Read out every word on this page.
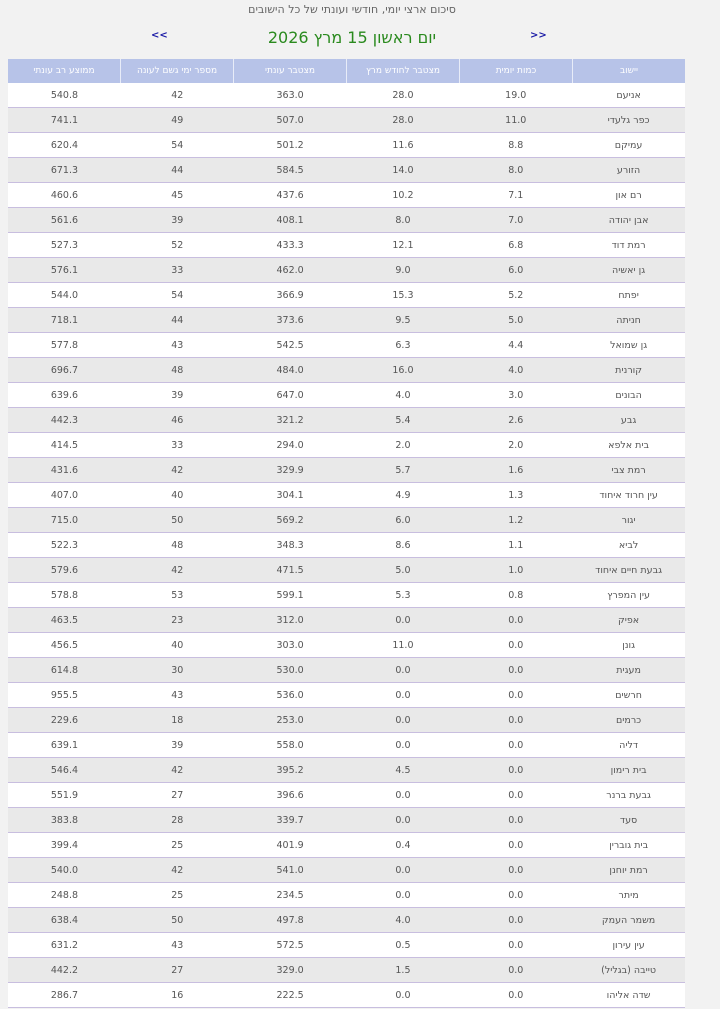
סיכום ארצי יומי, חודשי ועונתי של כל הישובים
>>
יום ראשון 15 מרץ 2026
<<
יישוב
כמות יומית
מצטבר לחודש מרץ
מצטבר עונתי
מספר ימי גשם לעונה
ממוצע רב עונתי
אניעם
19.0
28.0
363.0
42
540.8
כפר גלעדי
11.0
28.0
507.0
49
741.1
עמיקם
8.8
11.6
501.2
54
620.4
הזורע
8.0
14.0
584.5
44
671.3
רם און
7.1
10.2
437.6
45
460.6
אבן יהודה
7.0
8.0
408.1
39
561.6
רמת דוד
6.8
12.1
433.3
52
527.3
גן יאשיה
6.0
9.0
462.0
33
576.1
יפתח
5.2
15.3
366.9
54
544.0
חניתה
5.0
9.5
373.6
44
718.1
גן שמואל
4.4
6.3
542.5
43
577.8
קורנית
4.0
16.0
484.0
48
696.7
הבונים
3.0
4.0
647.0
39
639.6
גבע
2.6
5.4
321.2
46
442.3
בית אלפא
2.0
2.0
294.0
33
414.5
רמת צבי
1.6
5.7
329.9
42
431.6
עין חרוד איחוד
1.3
4.9
304.1
40
407.0
יגור
1.2
6.0
569.2
50
715.0
לביא
1.1
8.6
348.3
48
522.3
גבעת חיים איחוד
1.0
5.0
471.5
42
579.6
עין המפרץ
0.8
5.3
599.1
53
578.8
אפיק
0.0
0.0
312.0
23
463.5
גונן
0.0
11.0
303.0
40
456.5
מעגית
0.0
0.0
530.0
30
614.8
חרשים
0.0
0.0
536.0
43
955.5
כרמים
0.0
0.0
253.0
18
229.6
דליה
0.0
0.0
558.0
39
639.1
בית רימון
0.0
4.5
395.2
42
546.4
גבעת ברנר
0.0
0.0
396.6
27
551.9
סעד
0.0
0.0
339.7
28
383.8
בית גוברין
0.0
0.4
401.9
25
399.4
רמת יוחנן
0.0
0.0
541.0
42
540.0
מיתר
0.0
0.0
234.5
25
248.8
משמר העמק
0.0
4.0
497.8
50
638.4
עין עירון
0.0
0.5
572.5
43
631.2
טייבה (בגליל)
0.0
1.5
329.0
27
442.2
שדה אליהו
0.0
0.0
222.5
16
286.7
